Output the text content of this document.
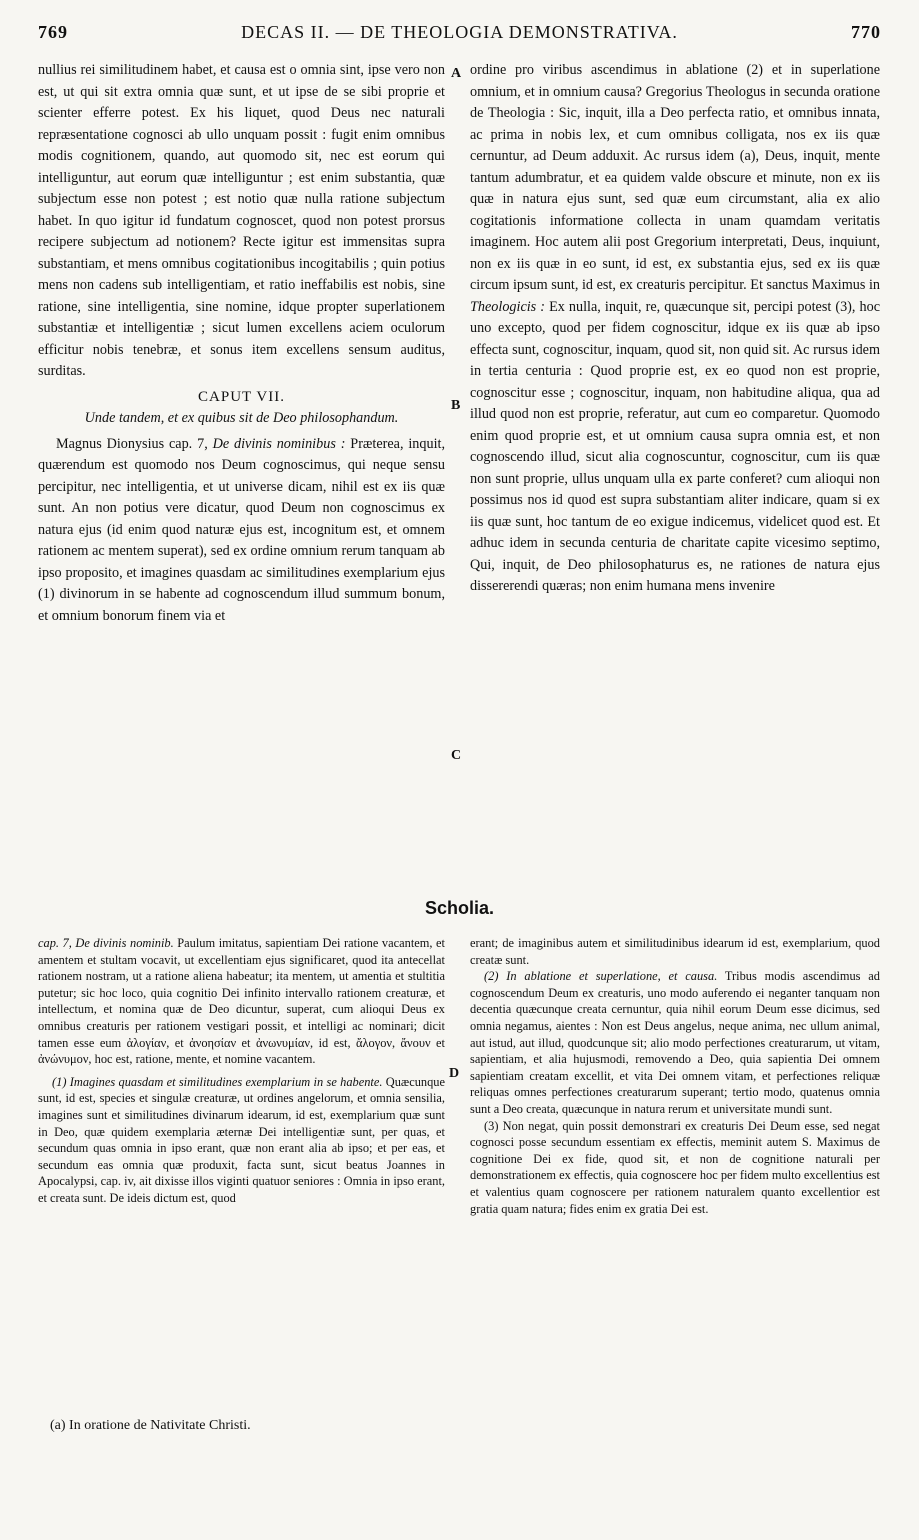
769	DECAS II. — DE THEOLOGIA DEMONSTRATIVA.	770

nullius rei similitudinem habet, et causa est o omnia sint, ipse vero non est, ut qui sit extra omnia quæ sunt, et ut ipse de se sibi proprie et scienter efferre potest. Ex his liquet, quod Deus nec naturali repræsentatione cognosci ab ullo unquam possit : fugit enim omnibus modis cognitionem, quando, aut quomodo sit, nec est eorum qui intelliguntur, aut eorum quæ intelliguntur ; est enim substantia, quæ subjectum esse non potest ; est notio quæ nulla ratione subjectum habet. In quo igitur id fundatum cognoscet, quod non potest prorsus recipere subjectum ad notionem? Recte igitur est immensitas supra substantiam, et mens omnibus cogitationibus incogitabilis ; quin potius mens non cadens sub intelligentiam, et ratio ineffabilis est nobis, sine ratione, sine intelligentia, sine nomine, idque propter superlationem substantiæ et intelligentiæ ; sicut lumen excellens aciem oculorum efficitur nobis tenebræ, et sonus item excellens sensum auditus, surditas.

CAPUT VII.
Unde tandem, et ex quibus sit de Deo philosophandum.

Magnus Dionysius cap. 7, De divinis nominibus : Præterea, inquit, quærendum est quomodo nos Deum cognoscimus, qui neque sensu percipitur, nec intelligentia, et ut universe dicam, nihil est ex iis quæ sunt. An non potius vere dicatur, quod Deum non cognoscimus ex natura ejus (id enim quod naturæ ejus est, incognitum est, et omnem rationem ac mentem superat), sed ex ordine omnium rerum tanquam ab ipso proposito, et imagines quasdam ac similitudines exemplarium ejus (1) divinorum in se habente ad cognoscendum illud summum bonum, et omnium bonorum finem via et

A
B
C
D

ordine pro viribus ascendimus in ablatione (2) et in superlatione omnium, et in omnium causa? Gregorius Theologus in secunda oratione de Theologia : Sic, inquit, illa a Deo perfecta ratio, et omnibus innata, ac prima in nobis lex, et cum omnibus colligata, nos ex iis quæ cernuntur, ad Deum adduxit. Ac rursus idem (a), Deus, inquit, mente tantum adumbratur, et ea quidem valde obscure et minute, non ex iis quæ in natura ejus sunt, sed quæ eum circumstant, alia ex alio cogitationis informatione collecta in unam quamdam veritatis imaginem. Hoc autem alii post Gregorium interpretati, Deus, inquiunt, non ex iis quæ in eo sunt, id est, ex substantia ejus, sed ex iis quæ circum ipsum sunt, id est, ex creaturis percipitur. Et sanctus Maximus in Theologicis : Ex nulla, inquit, re, quæcunque sit, percipi potest (3), hoc uno excepto, quod per fidem cognoscitur, idque ex iis quæ ab ipso effecta sunt, cognoscitur, inquam, quod sit, non quid sit. Ac rursus idem in tertia centuria : Quod proprie est, ex eo quod non est proprie, cognoscitur esse ; cognoscitur, inquam, non habitudine aliqua, qua ad illud quod non est proprie, referatur, aut cum eo comparetur. Quomodo enim quod proprie est, et ut omnium causa supra omnia est, et non cognoscendo illud, sicut alia cognoscuntur, cognoscitur, cum iis quæ non sunt proprie, ullus unquam ulla ex parte conferet? cum alioqui non possimus nos id quod est supra substantiam aliter indicare, quam si ex iis quæ sunt, hoc tantum de eo exigue indicemus, videlicet quod est. Et adhuc idem in secunda centuria de charitate capite vicesimo septimo, Qui, inquit, de Deo philosophaturus es, ne rationes de natura ejus dissererendi quæras; non enim humana mens invenire

Scholia.

cap. 7, De divinis nominib. Paulum imitatus, sapientiam Dei ratione vacantem, et amentem et stultam vocavit, ut excellentiam ejus significaret, quod ita antecellat rationem nostram, ut a ratione aliena habeatur; ita mentem, ut amentia et stultitia putetur; sic hoc loco, quia cognitio Dei infinito intervallo rationem creaturæ, et intellectum, et nomina quæ de Deo dicuntur, superat, cum alioqui Deus ex omnibus creaturis per rationem vestigari possit, et intelligi ac nominari; dicit tamen esse eum ἀλογίαν, et ἀνοησίαν et ἀνωνυμίαν, id est, ἄλογον, ἄνουν et ἀνώνυμον, hoc est, ratione, mente, et nomine vacantem.

(1) Imagines quasdam et similitudines exemplarium in se habente. Quæcunque sunt, id est, species et singulæ creaturæ, ut ordines angelorum, et omnia sensilia, imagines sunt et similitudines divinarum idearum, id est, exemplarium quæ sunt in Deo, quæ quidem exemplaria æternæ Dei intelligentiæ sunt, per quas, et secundum quas omnia in ipso erant, quæ non erant alia ab ipso; et per eas, et secundum eas omnia quæ produxit, facta sunt, sicut beatus Joannes in Apocalypsi, cap. iv, ait dixisse illos viginti quatuor seniores : Omnia in ipso erant, et creata sunt. De ideis dictum est, quod

erant; de imaginibus autem et similitudinibus idearum id est, exemplarium, quod creatæ sunt.

(2) In ablatione et superlatione, et causa. Tribus modis ascendimus ad cognoscendum Deum ex creaturis, uno modo auferendo ei neganter tanquam non decentia quæcunque creata cernuntur, quia nihil eorum Deum esse dicimus, sed omnia negamus, aientes : Non est Deus angelus, neque anima, nec ullum animal, aut istud, aut illud, quodcunque sit; alio modo perfectiones creaturarum, ut vitam, sapientiam, et alia hujusmodi, removendo a Deo, quia sapientia Dei omnem sapientiam creatam excellit, et vita Dei omnem vitam, et perfectiones reliquæ reliquas omnes perfectiones creaturarum superant; tertio modo, quatenus omnia sunt a Deo creata, quæcunque in natura rerum et universitate mundi sunt.

(3) Non negat, quin possit demonstrari ex creaturis Dei Deum esse, sed negat cognosci posse secundum essentiam ex effectis, meminit autem S. Maximus de cognitione Dei ex fide, quod sit, et non de cognitione naturali per demonstrationem ex effectis, quia cognoscere hoc per fidem multo excellentius est et valentius quam cognoscere per rationem naturalem quanto excellentior est gratia quam natura; fides enim ex gratia Dei est.

(a) In oratione de Nativitate Christi.
